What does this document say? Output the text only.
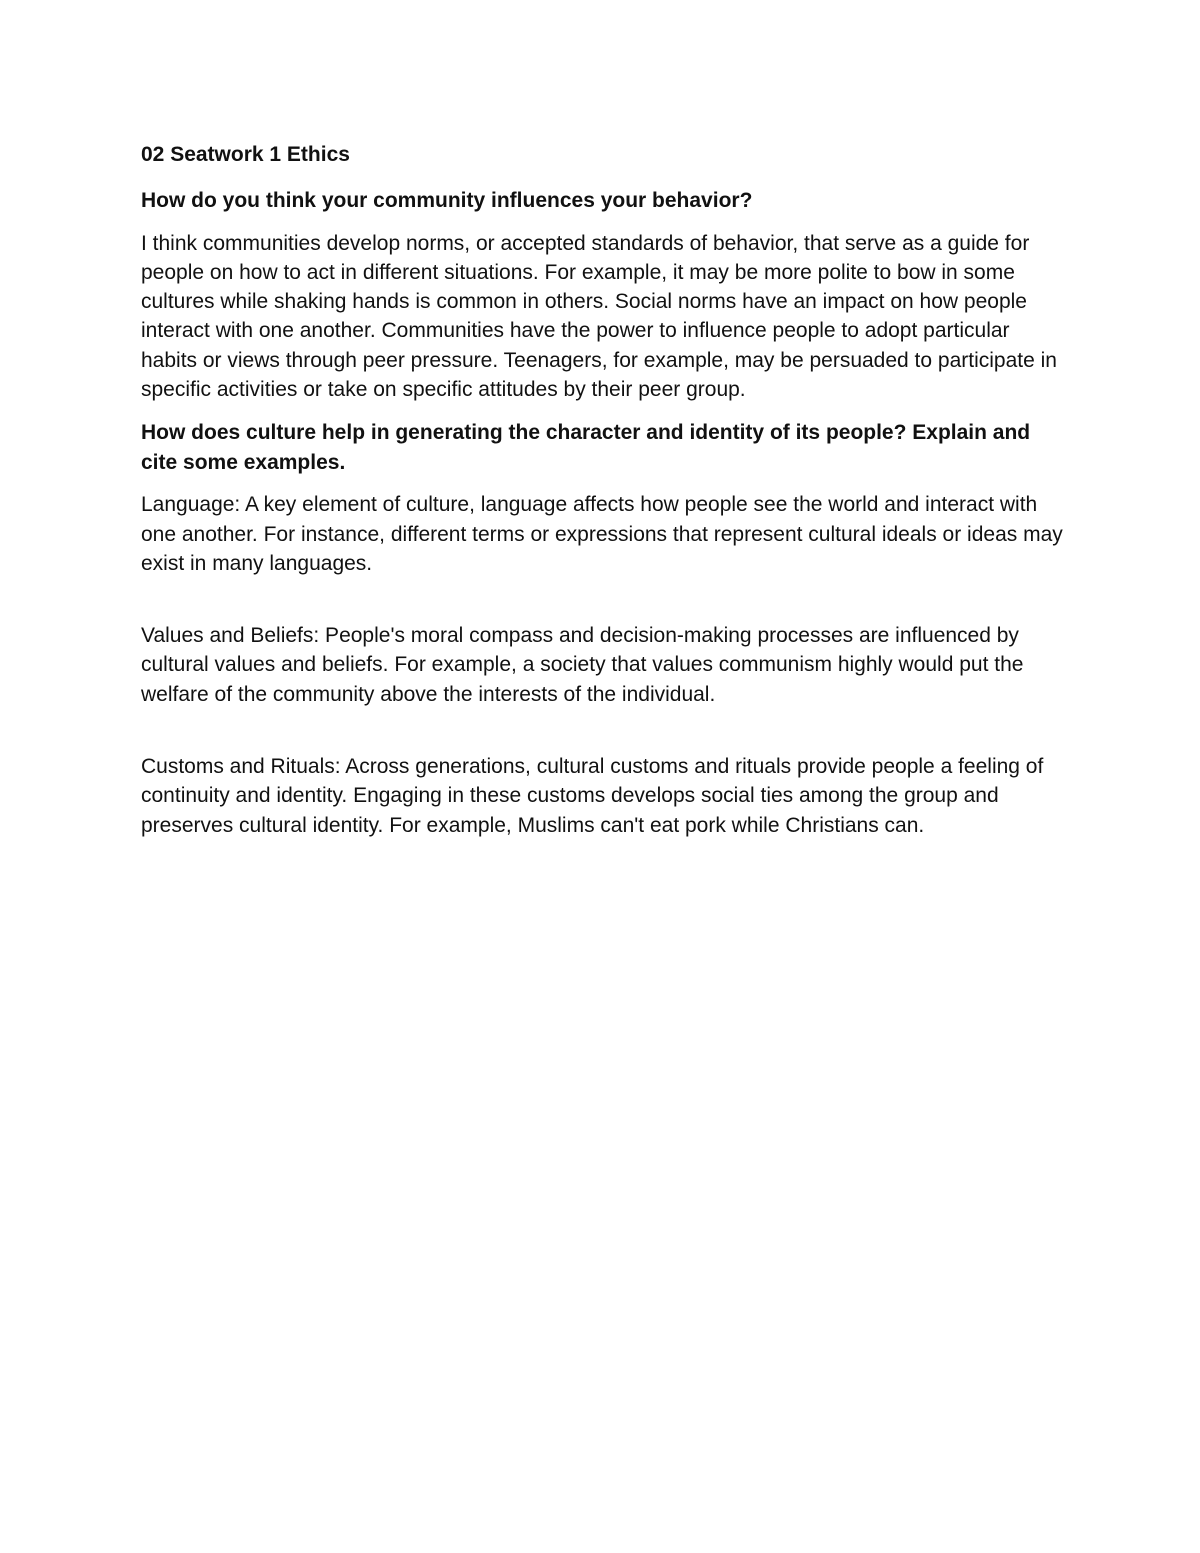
02 Seatwork 1 Ethics
How do you think your community influences your behavior?
I think communities develop norms, or accepted standards of behavior, that serve as a guide for people on how to act in different situations. For example, it may be more polite to bow in some cultures while shaking hands is common in others. Social norms have an impact on how people interact with one another. Communities have the power to influence people to adopt particular habits or views through peer pressure. Teenagers, for example, may be persuaded to participate in specific activities or take on specific attitudes by their peer group.
How does culture help in generating the character and identity of its people? Explain and cite some examples.
Language: A key element of culture, language affects how people see the world and interact with one another. For instance, different terms or expressions that represent cultural ideals or ideas may exist in many languages.
Values and Beliefs: People's moral compass and decision-making processes are influenced by cultural values and beliefs. For example, a society that values communism highly would put the welfare of the community above the interests of the individual.
Customs and Rituals: Across generations, cultural customs and rituals provide people a feeling of continuity and identity. Engaging in these customs develops social ties among the group and preserves cultural identity. For example, Muslims can't eat pork while Christians can.
